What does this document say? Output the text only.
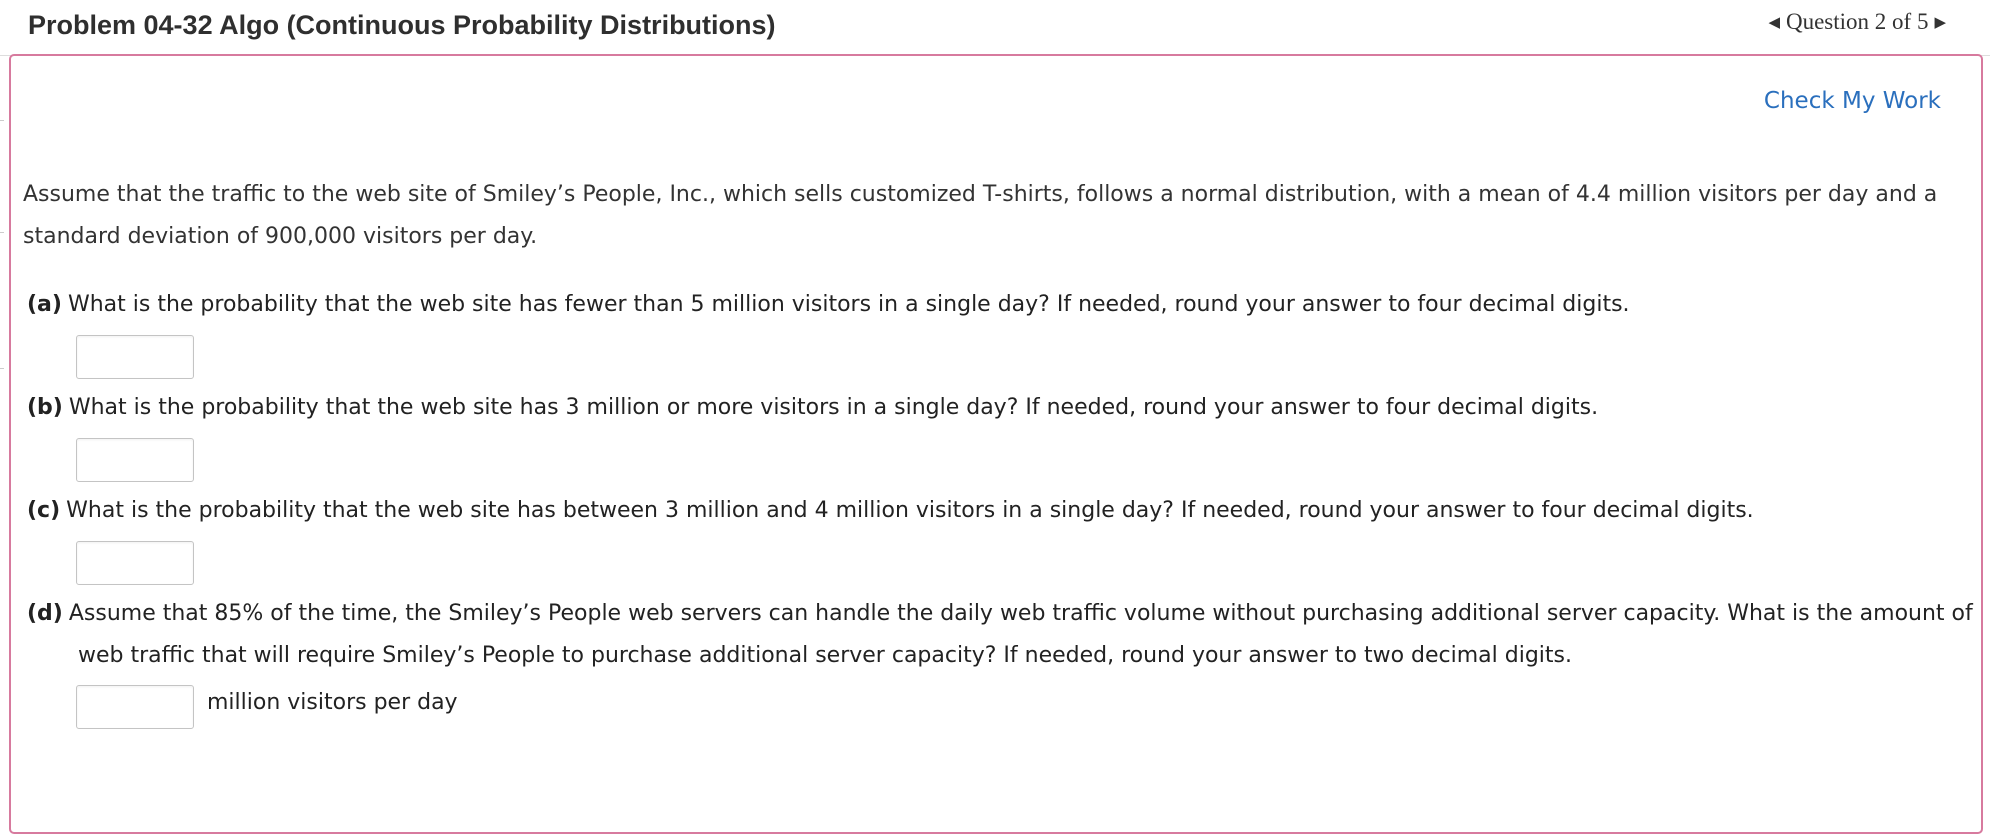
Problem 04-32 Algo (Continuous Probability Distributions)	◀ Question 2 of 5 ▶
Check My Work
Assume that the traffic to the web site of Smiley’s People, Inc., which sells customized T-shirts, follows a normal distribution, with a mean of 4.4 million visitors per day and a standard deviation of 900,000 visitors per day.
(a) What is the probability that the web site has fewer than 5 million visitors in a single day? If needed, round your answer to four decimal digits.
(b) What is the probability that the web site has 3 million or more visitors in a single day? If needed, round your answer to four decimal digits.
(c) What is the probability that the web site has between 3 million and 4 million visitors in a single day? If needed, round your answer to four decimal digits.
(d) Assume that 85% of the time, the Smiley’s People web servers can handle the daily web traffic volume without purchasing additional server capacity. What is the amount of web traffic that will require Smiley’s People to purchase additional server capacity? If needed, round your answer to two decimal digits.
million visitors per day
